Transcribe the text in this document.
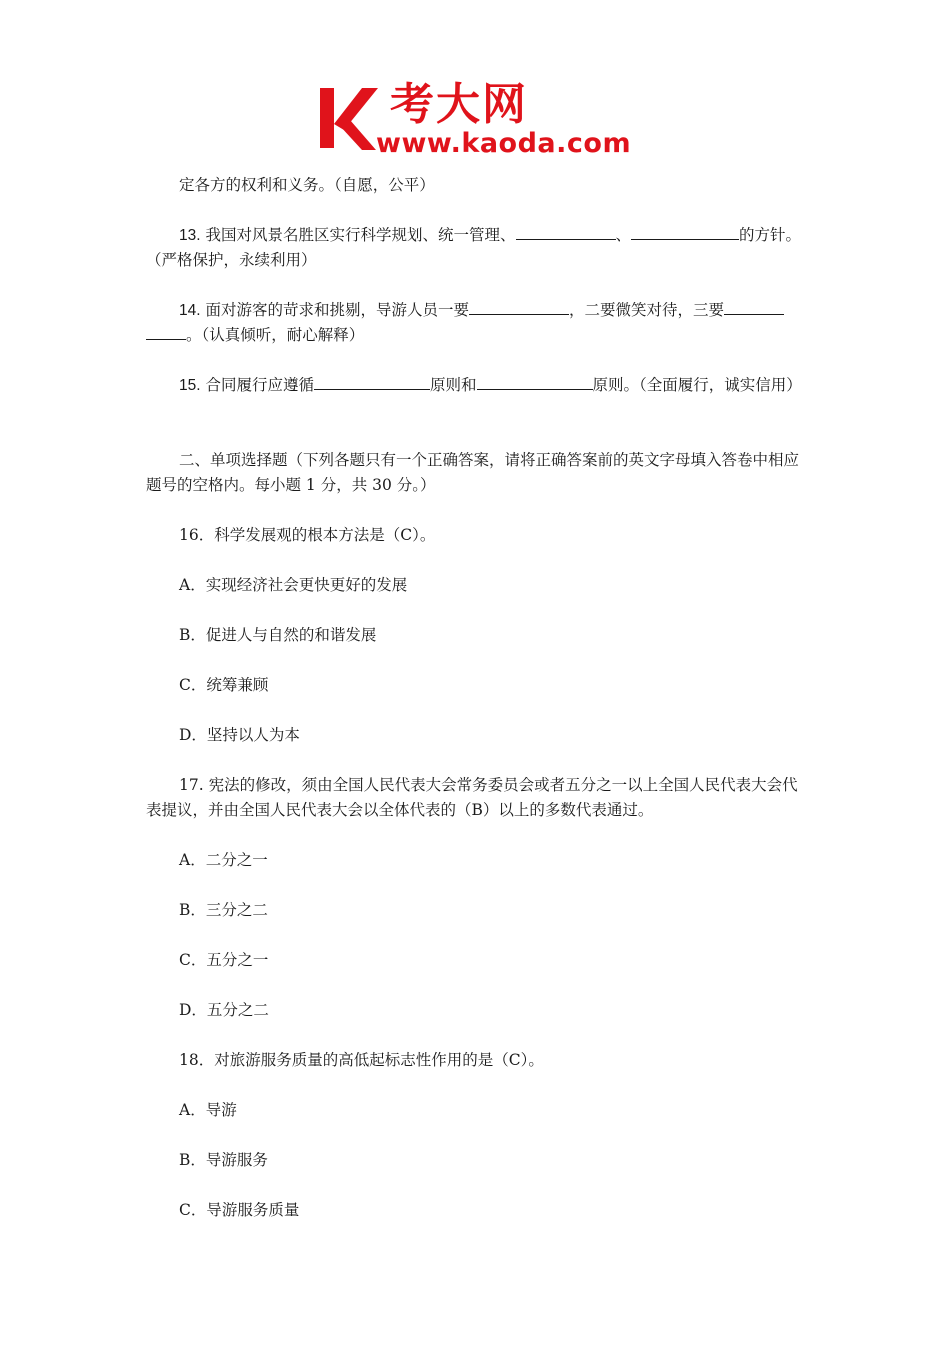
考大网
www.kaoda.com

定各方的权利和义务。（自愿，公平）

13. 我国对风景名胜区实行科学规划、统一管理、	、	的方针。（严格保护，永续利用）

14. 面对游客的苛求和挑剔，导游人员一要	，二要微笑对待，三要。（认真倾听，耐心解释）

15. 合同履行应遵循	原则和	原则。（全面履行，诚实信用）

二、单项选择题（下列各题只有一个正确答案，请将正确答案前的英文字母填入答卷中相应题号的空格内。每小题 1 分，共 30 分。）

16．科学发展观的根本方法是（C）。

A．实现经济社会更快更好的发展

B．促进人与自然的和谐发展

C．统筹兼顾

D．坚持以人为本

17. 宪法的修改，须由全国人民代表大会常务委员会或者五分之一以上全国人民代表大会代表提议，并由全国人民代表大会以全体代表的（B）以上的多数代表通过。

A．二分之一

B．三分之二

C．五分之一

D．五分之二

18．对旅游服务质量的高低起标志性作用的是（C）。

A．导游

B．导游服务

C．导游服务质量
